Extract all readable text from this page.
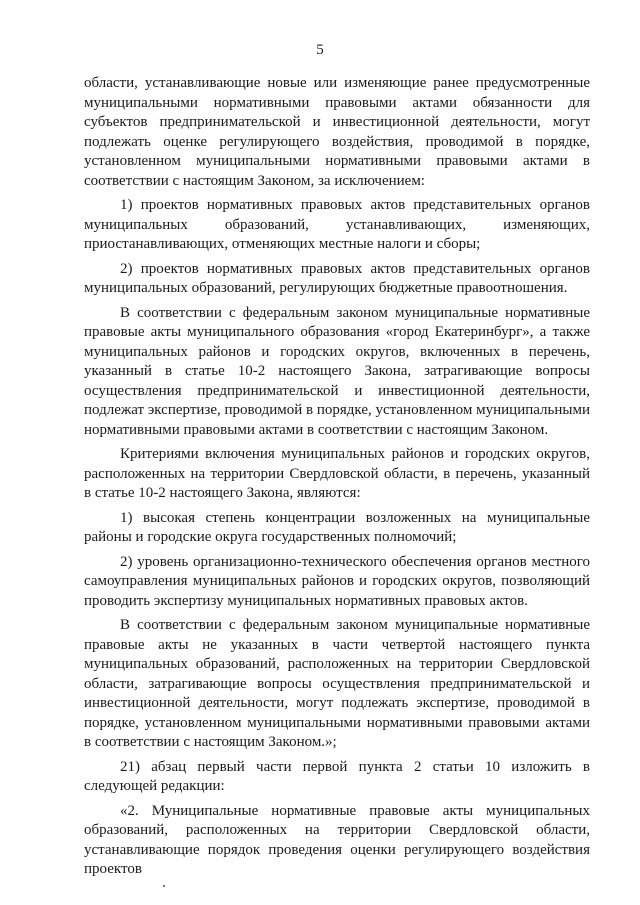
5

области, устанавливающие новые или изменяющие ранее предусмотренные муниципальными нормативными правовыми актами обязанности для субъектов предпринимательской и инвестиционной деятельности, могут подлежать оценке регулирующего воздействия, проводимой в порядке, установленном муниципальными нормативными правовыми актами в соответствии с настоящим Законом, за исключением:

1) проектов нормативных правовых актов представительных органов муниципальных образований, устанавливающих, изменяющих, приостанавливающих, отменяющих местные налоги и сборы;

2) проектов нормативных правовых актов представительных органов муниципальных образований, регулирующих бюджетные правоотношения.

В соответствии с федеральным законом муниципальные нормативные правовые акты муниципального образования «город Екатеринбург», а также муниципальных районов и городских округов, включенных в перечень, указанный в статье 10-2 настоящего Закона, затрагивающие вопросы осуществления предпринимательской и инвестиционной деятельности, подлежат экспертизе, проводимой в порядке, установленном муниципальными нормативными правовыми актами в соответствии с настоящим Законом.

Критериями включения муниципальных районов и городских округов, расположенных на территории Свердловской области, в перечень, указанный в статье 10-2 настоящего Закона, являются:

1) высокая степень концентрации возложенных на муниципальные районы и городские округа государственных полномочий;

2) уровень организационно-технического обеспечения органов местного самоуправления муниципальных районов и городских округов, позволяющий проводить экспертизу муниципальных нормативных правовых актов.

В соответствии с федеральным законом муниципальные нормативные правовые акты не указанных в части четвертой настоящего пункта муниципальных образований, расположенных на территории Свердловской области, затрагивающие вопросы осуществления предпринимательской и инвестиционной деятельности, могут подлежать экспертизе, проводимой в порядке, установленном муниципальными нормативными правовыми актами в соответствии с настоящим Законом.»;

21) абзац первый части первой пункта 2 статьи 10 изложить в следующей редакции:

«2. Муниципальные нормативные правовые акты муниципальных образований, расположенных на территории Свердловской области, устанавливающие порядок проведения оценки регулирующего воздействия проектов
